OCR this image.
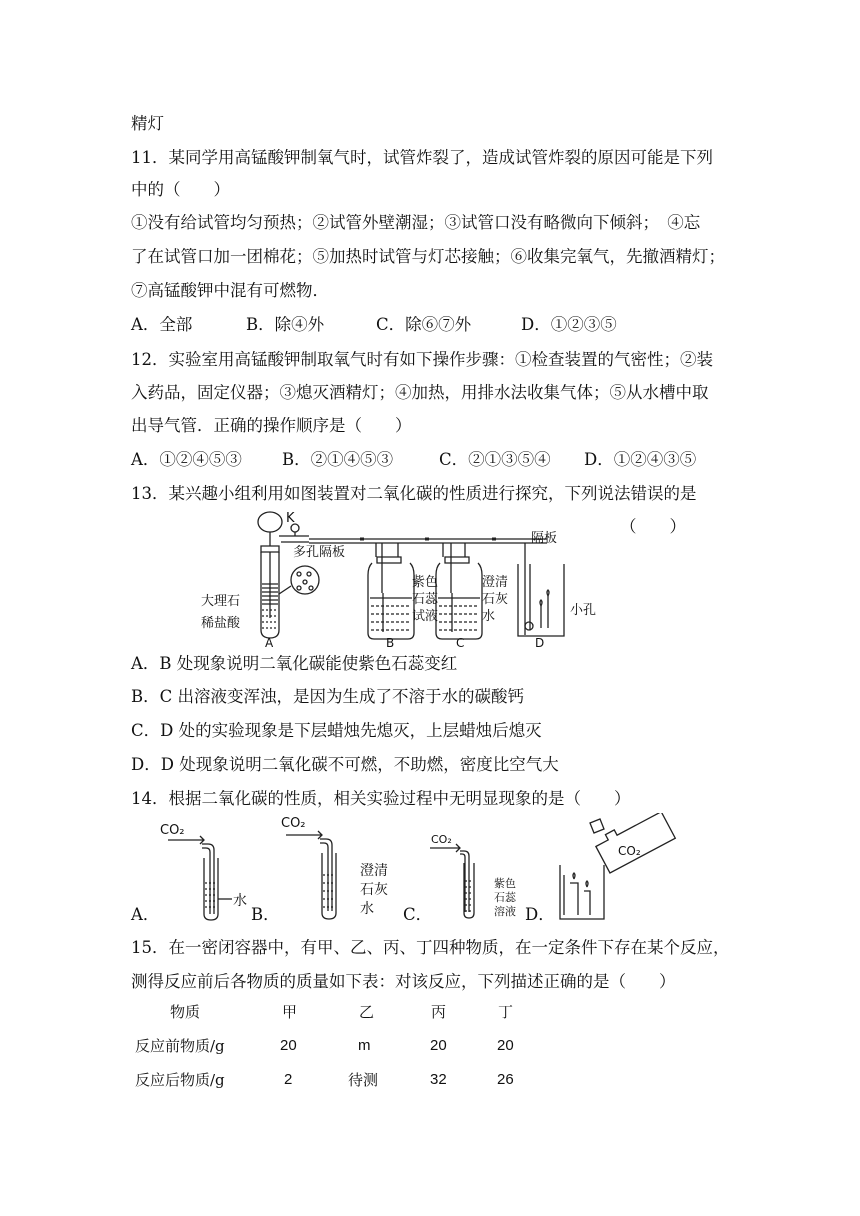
精灯
11．某同学用高锰酸钾制氧气时，试管炸裂了，造成试管炸裂的原因可能是下列
中的（　　）
①没有给试管均匀预热；②试管外壁潮湿；③试管口没有略微向下倾斜；　④忘
了在试管口加一团棉花；⑤加热时试管与灯芯接触；⑥收集完氧气，先撤酒精灯；
⑦高锰酸钾中混有可燃物．
A．全部	B．除④外	C．除⑥⑦外	D．①②③⑤
12．实验室用高锰酸钾制取氧气时有如下操作步骤：①检查装置的气密性；②装
入药品，固定仪器；③熄灭酒精灯；④加热，用排水法收集气体；⑤从水槽中取
出导气管．正确的操作顺序是（　　）
A．①②④⑤③ B．②①④⑤③	C．②①③⑤④ D．①②④③⑤
13．某兴趣小组利用如图装置对二氧化碳的性质进行探究，下列说法错误的是
K
多孔隔板
大理石
稀盐酸
紫色
石蕊
试液
澄清
石灰
水
隔板
小孔
A	B	C	D
（　　）
A．B 处现象说明二氧化碳能使紫色石蕊变红
B．C 出溶液变浑浊，是因为生成了不溶于水的碳酸钙
C．D 处的实验现象是下层蜡烛先熄灭，上层蜡烛后熄灭
D．D 处现象说明二氧化碳不可燃，不助燃，密度比空气大
14．根据二氧化碳的性质，相关实验过程中无明显现象的是（　　）
CO₂
水
CO₂
澄清
石灰
水
CO₂
紫色
石蕊
溶液
CO₂
A．	B．	C．	D．
15．在一密闭容器中，有甲、乙、丙、丁四种物质，在一定条件下存在某个反应，
测得反应前后各物质的质量如下表：对该反应，下列描述正确的是（　　）
物质	甲	乙	丙	丁
反应前物质/g	20	m	20	20
反应后物质/g	2	待测	32	26
